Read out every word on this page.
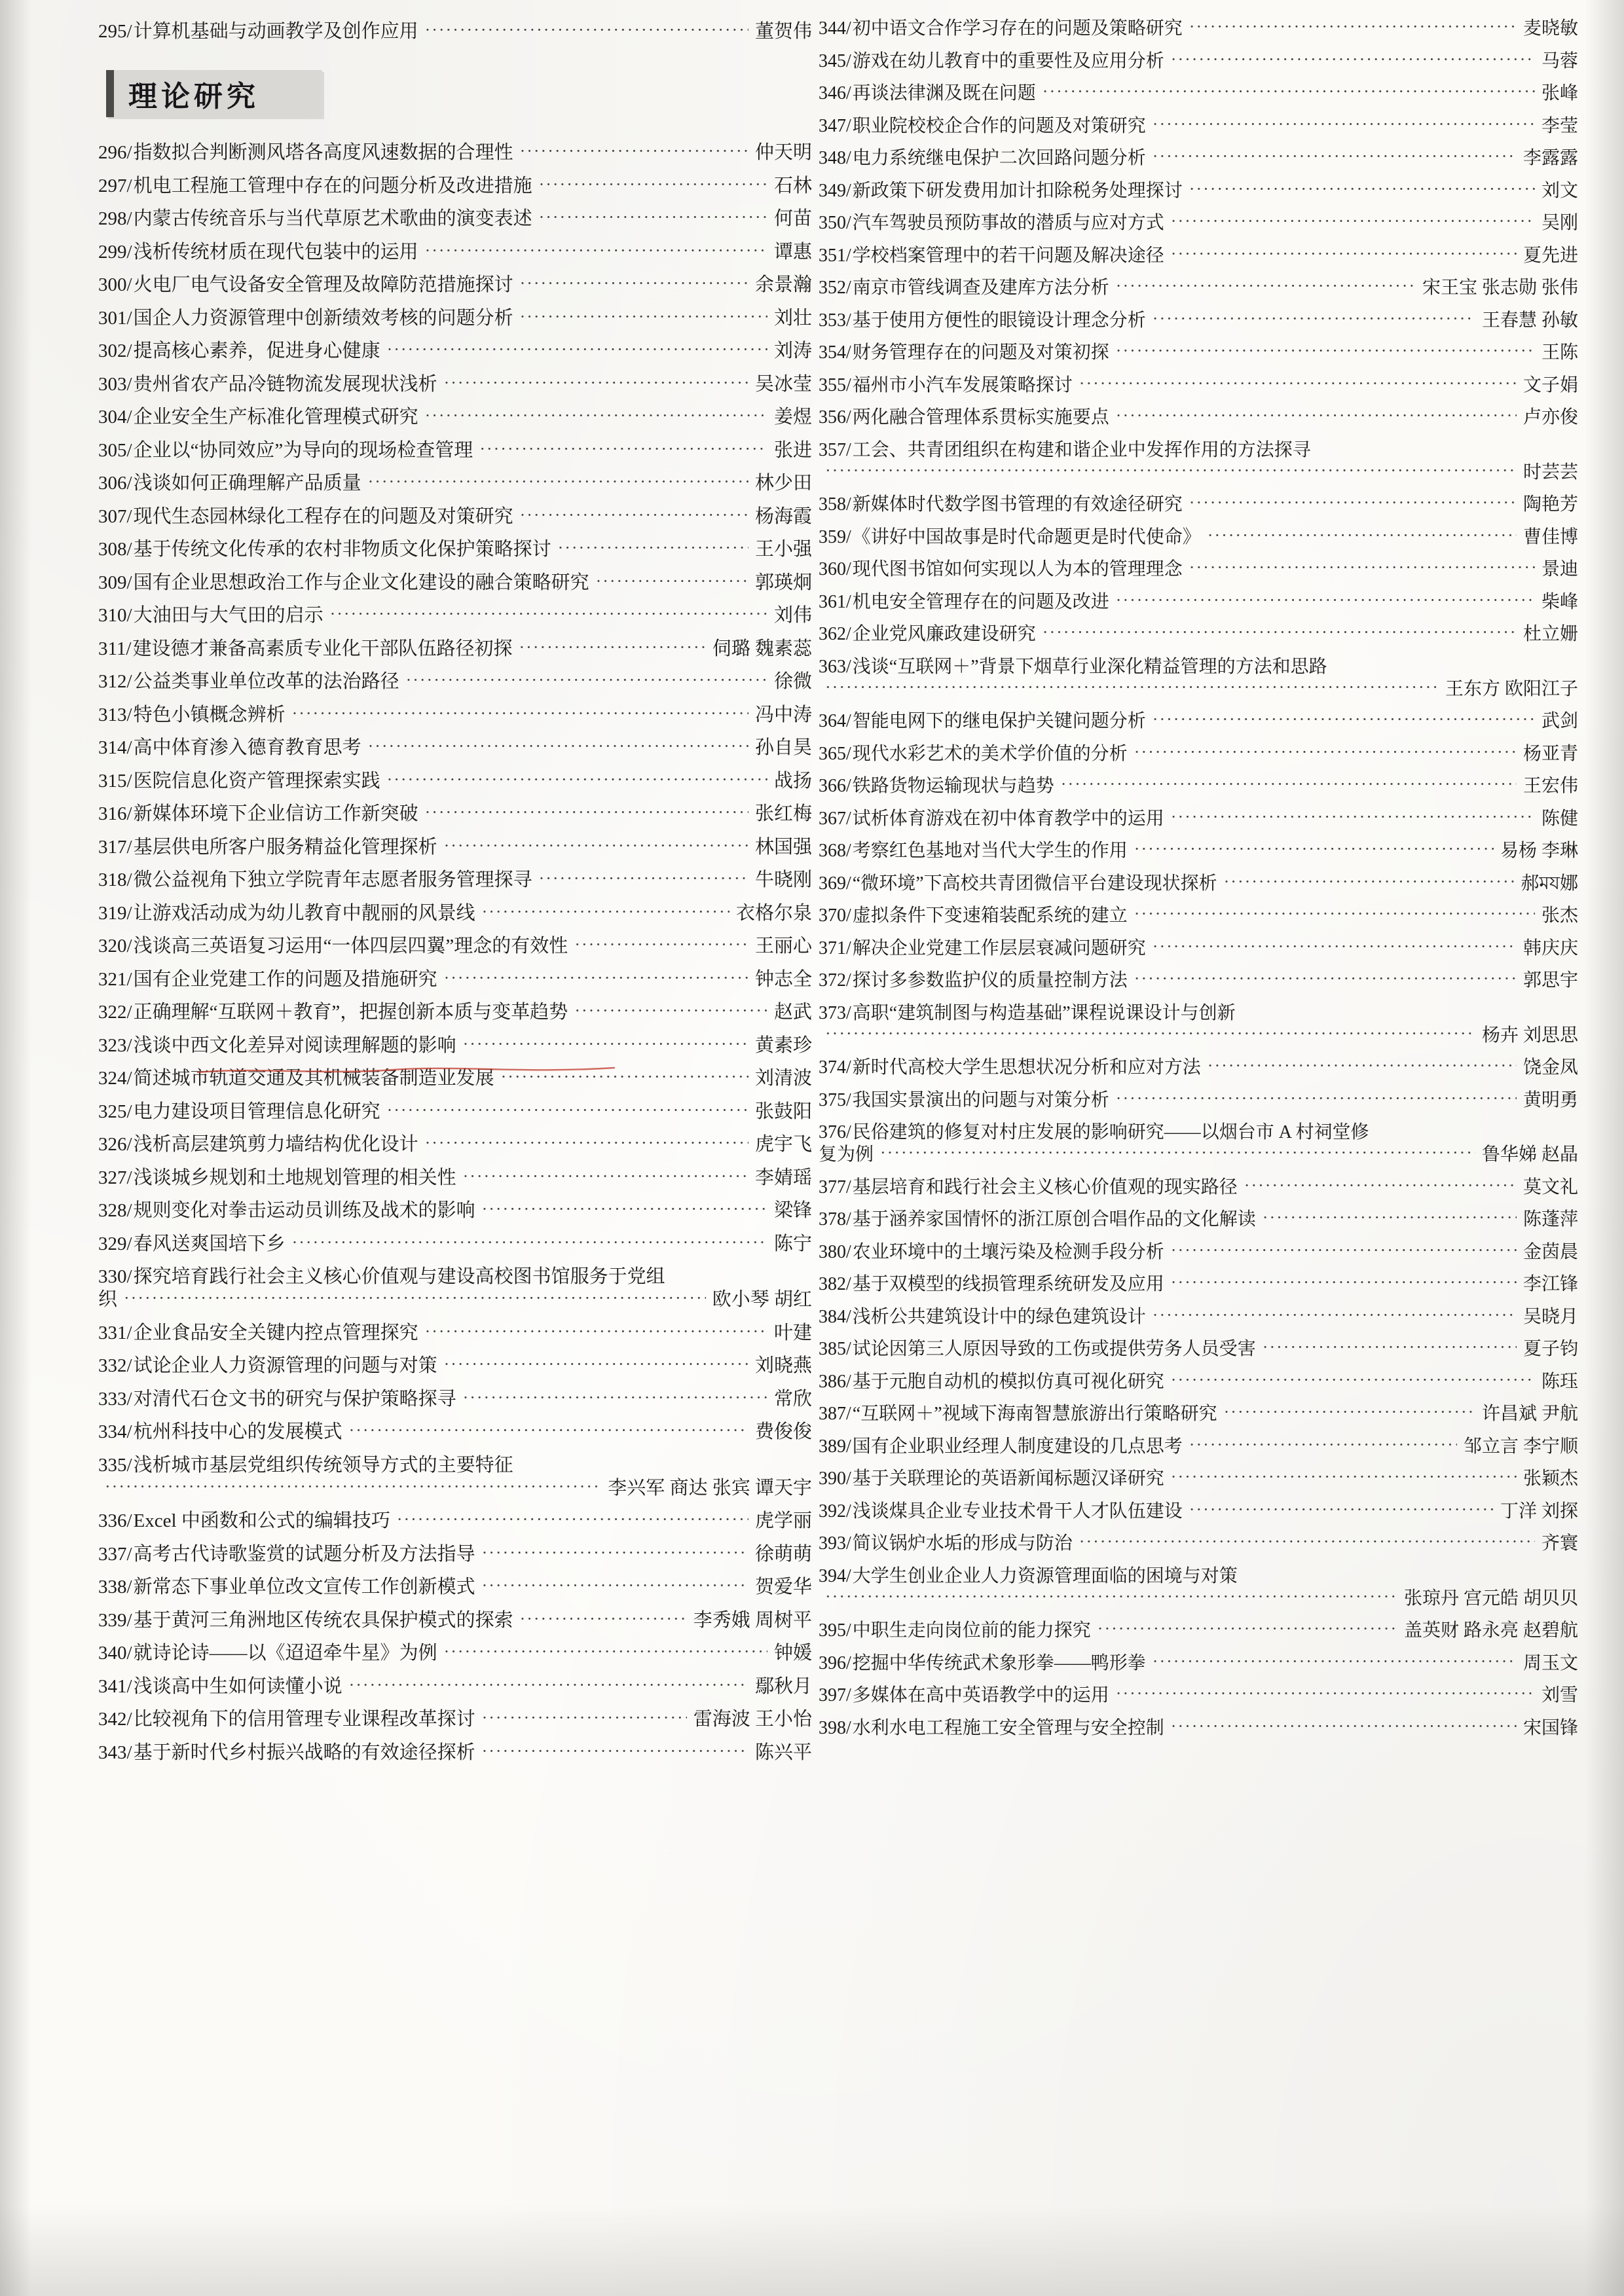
295/ 计算机基础与动画教学及创作应用 ·····	董贺伟
理论研究
296/ 指数拟合判断测风塔各高度风速数据的合理性 ·····	仲天明
297/ 机电工程施工管理中存在的问题分析及改进措施 ·····	石林
298/ 内蒙古传统音乐与当代草原艺术歌曲的演变表述 ·····	何苗
299/ 浅析传统材质在现代包装中的运用 ·····	谭惠
300/ 火电厂电气设备安全管理及故障防范措施探讨 ·····	余景瀚
301/ 国企人力资源管理中创新绩效考核的问题分析 ·····	刘壮
302/ 提高核心素养，促进身心健康 ·····	刘涛
303/ 贵州省农产品冷链物流发展现状浅析 ·····	吴冰莹
304/ 企业安全生产标准化管理模式研究 ·····	姜煜
305/ 企业以“协同效应”为导向的现场检查管理 ·····	张进
306/ 浅谈如何正确理解产品质量 ·····	林少田
307/ 现代生态园林绿化工程存在的问题及对策研究 ·····	杨海霞
308/ 基于传统文化传承的农村非物质文化保护策略探讨 ·····	王小强
309/ 国有企业思想政治工作与企业文化建设的融合策略研究 ·····	郭瑛炯
310/ 大油田与大气田的启示 ·····	刘伟
311/ 建设德才兼备高素质专业化干部队伍路径初探 ·····	伺璐 魏素蕊
312/ 公益类事业单位改革的法治路径 ·····	徐微
313/ 特色小镇概念辨析 ·····	冯中涛
314/ 高中体育渗入德育教育思考 ·····	孙自昊
315/ 医院信息化资产管理探索实践 ·····	战扬
316/ 新媒体环境下企业信访工作新突破 ·····	张红梅
317/ 基层供电所客户服务精益化管理探析 ·····	林国强
318/ 微公益视角下独立学院青年志愿者服务管理探寻 ·····	牛晓刚
319/ 让游戏活动成为幼儿教育中靓丽的风景线 ·····	衣格尔泉
320/ 浅谈高三英语复习运用“一体四层四翼”理念的有效性 ·····	王丽心
321/ 国有企业党建工作的问题及措施研究 ·····	钟志全
322/ 正确理解“互联网＋教育”，把握创新本质与变革趋势 ·····	赵武
323/ 浅谈中西文化差异对阅读理解题的影响 ·····	黄素珍
324/ 简述城市轨道交通及其机械装备制造业发展 ·····	刘清波
325/ 电力建设项目管理信息化研究 ·····	张鼓阳
326/ 浅析高层建筑剪力墙结构优化设计 ·····	虎宇飞
327/ 浅谈城乡规划和土地规划管理的相关性 ·····	李婧瑶
328/ 规则变化对拳击运动员训练及战术的影响 ·····	梁锋
329/ 春风送爽国培下乡 ·····	陈宁
330/ 探究培育践行社会主义核心价值观与建设高校图书馆服务于党组
织 ·····	欧小琴 胡红
331/ 企业食品安全关键内控点管理探究 ·····	叶建
332/ 试论企业人力资源管理的问题与对策 ·····	刘晓燕
333/ 对清代石仓文书的研究与保护策略探寻 ·····	常欣
334/ 杭州科技中心的发展模式 ·····	费俊俊
335/ 浅析城市基层党组织传统领导方式的主要特征
·····
李兴军 商达 张宾 谭天宇
336/ Excel 中函数和公式的编辑技巧 ·····	虎学丽
337/ 高考古代诗歌鉴赏的试题分析及方法指导 ·····	徐萌萌
338/ 新常态下事业单位改文宣传工作创新模式 ·····	贺爱华
339/ 基于黄河三角洲地区传统农具保护模式的探索 ·····	李秀娥 周树平
340/ 就诗论诗——以《迢迢牵牛星》为例 ·····	钟媛
341/ 浅谈高中生如何读懂小说 ·····	鄢秋月
342/ 比较视角下的信用管理专业课程改革探讨 ·····	雷海波 王小怡
343/ 基于新时代乡村振兴战略的有效途径探析 ·····	陈兴平
344/ 初中语文合作学习存在的问题及策略研究 ·····	麦晓敏
345/ 游戏在幼儿教育中的重要性及应用分析 ·····	马蓉
346/ 再谈法律渊及既在问题 ·····	张峰
347/ 职业院校校企合作的问题及对策研究 ·····	李莹
348/ 电力系统继电保护二次回路问题分析 ·····	李露露
349/ 新政策下研发费用加计扣除税务处理探讨 ·····	刘文
350/ 汽车驾驶员预防事故的潜质与应对方式 ·····	吴刚
351/ 学校档案管理中的若干问题及解决途径 ·····	夏先进
352/ 南京市管线调查及建库方法分析 ·····	宋王宝 张志勋 张伟
353/ 基于使用方便性的眼镜设计理念分析 ·····	王春慧 孙敏
354/ 财务管理存在的问题及对策初探 ·····	王陈
355/ 福州市小汽车发展策略探讨 ·····	文子娟
356/ 两化融合管理体系贯标实施要点 ·····	卢亦俊
357/ 工会、共青团组织在构建和谐企业中发挥作用的方法探寻
·····
时芸芸
358/ 新媒体时代数学图书管理的有效途径研究 ·····	陶艳芳
359/ 《讲好中国故事是时代命题更是时代使命》 ·····	曹佳博
360/ 现代图书馆如何实现以人为本的管理理念 ·····	景迪
361/ 机电安全管理存在的问题及改进 ·····	柴峰
362/ 企业党风廉政建设研究 ·····	杜立姗
363/ 浅谈“互联网＋”背景下烟草行业深化精益管理的方法和思路
·····
王东方 欧阳江子
364/ 智能电网下的继电保护关键问题分析 ·····	武剑
365/ 现代水彩艺术的美术学价值的分析 ·····	杨亚青
366/ 铁路货物运输现状与趋势 ·····	王宏伟
367/ 试析体育游戏在初中体育教学中的运用 ·····	陈健
368/ 考察红色基地对当代大学生的作用 ·····	易杨 李琳
369/ “微环境”下高校共青团微信平台建设现状探析 ·····	郝ময娜
370/ 虚拟条件下变速箱装配系统的建立 ·····	张杰
371/ 解决企业党建工作层层衰减问题研究 ·····	韩庆庆
372/ 探讨多参数监护仪的质量控制方法 ·····	郭思宇
373/ 高职“建筑制图与构造基础”课程说课设计与创新
·····
杨卉 刘思思
374/ 新时代高校大学生思想状况分析和应对方法 ·····	饶金凤
375/ 我国实景演出的问题与对策分析 ·····	黄明勇
376/ 民俗建筑的修复对村庄发展的影响研究——以烟台市 A 村祠堂修
复为例 ·····	鲁华娣 赵晶
377/ 基层培育和践行社会主义核心价值观的现实路径 ·····	莫文礼
378/ 基于涵养家国情怀的浙江原创合唱作品的文化解读 ·····	陈蓬萍
380/ 农业环境中的土壤污染及检测手段分析 ·····	金茵晨
382/ 基于双模型的线损管理系统研发及应用 ·····	李江锋
384/ 浅析公共建筑设计中的绿色建筑设计 ·····	吴晓月
385/ 试论因第三人原因导致的工伤或提供劳务人员受害 ·····	夏子钧
386/ 基于元胞自动机的模拟仿真可视化研究 ·····	陈珏
387/ “互联网＋”视域下海南智慧旅游出行策略研究 ·····	许昌斌 尹航
389/ 国有企业职业经理人制度建设的几点思考 ·····	邹立言 李宁顺
390/ 基于关联理论的英语新闻标题汉译研究 ·····	张颖杰
392/ 浅谈煤具企业专业技术骨干人才队伍建设 ·····	丁洋 刘探
393/ 简议锅炉水垢的形成与防治 ·····	齐寰
394/ 大学生创业企业人力资源管理面临的困境与对策
·····
张琼丹 宫元皓 胡贝贝
395/ 中职生走向岗位前的能力探究 ·····	盖英财 路永亮 赵碧航
396/ 挖掘中华传统武术象形拳——鸭形拳 ·····	周玉文
397/ 多媒体在高中英语教学中的运用 ·····	刘雪
398/ 水利水电工程施工安全管理与安全控制 ·····	宋国锋
